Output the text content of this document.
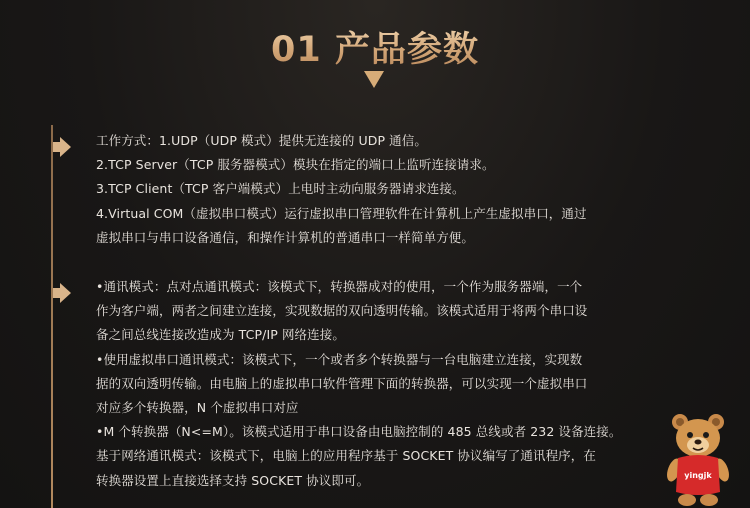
01 产品参数

工作方式：1.UDP（UDP 模式）提供无连接的 UDP 通信。

2.TCP Server（TCP 服务器模式）模块在指定的端口上监听连接请求。

3.TCP Client（TCP 客户端模式）上电时主动向服务器请求连接。

4.Virtual COM（虚拟串口模式）运行虚拟串口管理软件在计算机上产生虚拟串口，通过

虚拟串口与串口设备通信，和操作计算机的普通串口一样简单方便。

•通讯模式：点对点通讯模式：该模式下，转换器成对的使用，一个作为服务器端，一个

作为客户端，两者之间建立连接，实现数据的双向透明传输。该模式适用于将两个串口设

备之间总线连接改造成为 TCP/IP 网络连接。

•使用虚拟串口通讯模式：该模式下，一个或者多个转换器与一台电脑建立连接，实现数

据的双向透明传输。由电脑上的虚拟串口软件管理下面的转换器，可以实现一个虚拟串口

对应多个转换器，N 个虚拟串口对应

•M 个转换器（N<=M）。该模式适用于串口设备由电脑控制的 485 总线或者 232 设备连接。

基于网络通讯模式：该模式下，电脑上的应用程序基于 SOCKET 协议编写了通讯程序，在

转换器设置上直接选择支持 SOCKET 协议即可。	yingjk
